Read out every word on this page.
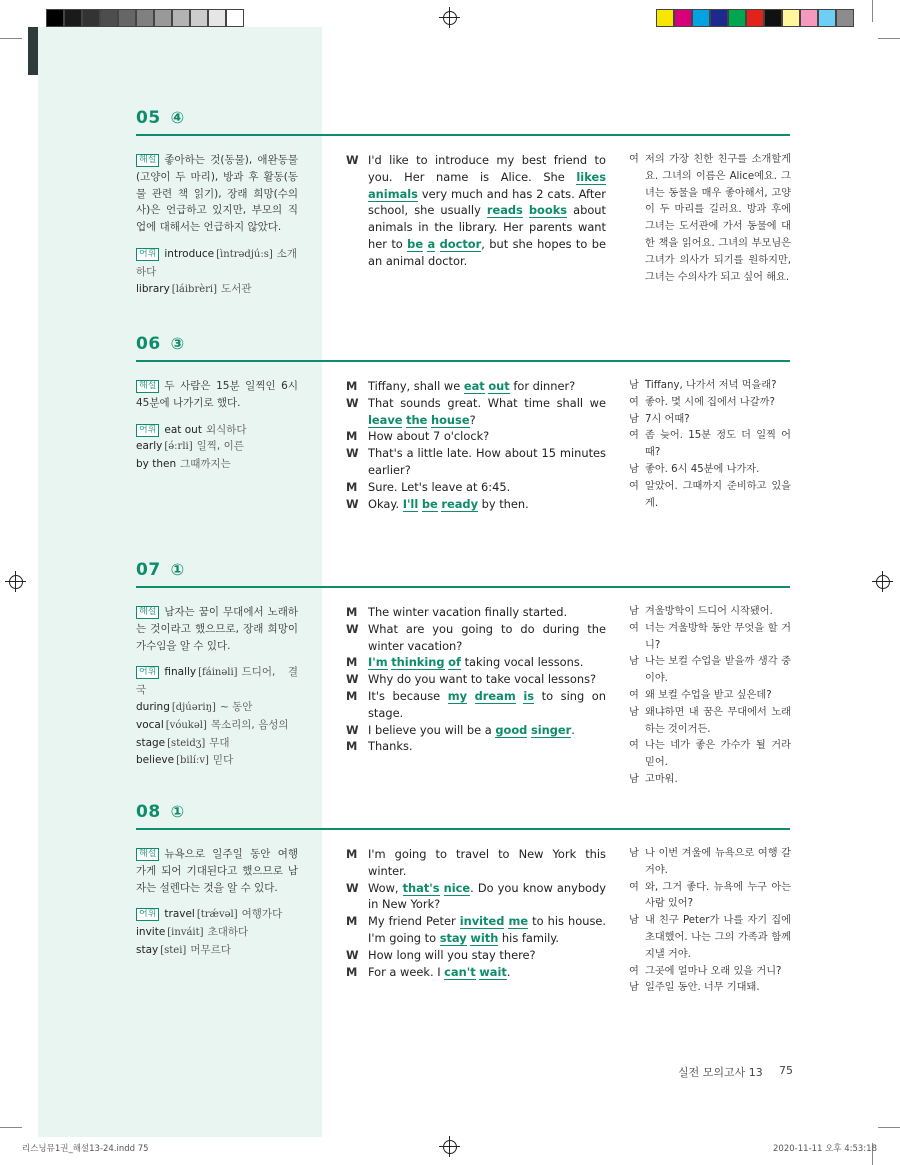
05 ④
해설 좋아하는 것(동물), 애완동물(고양이 두 마리), 방과 후 활동(동물 관련 책 읽기), 장래 희망(수의사)은 언급하고 있지만, 부모의 직업에 대해서는 언급하지 않았다.
어휘 introduce [ìntrədjúːs] 소개하다
library [láibrèri] 도서관
W I'd like to introduce my best friend to you. Her name is Alice. She likes animals very much and has 2 cats. After school, she usually reads books about animals in the library. Her parents want her to be a doctor, but she hopes to be an animal doctor.
여 저의 가장 친한 친구를 소개할게요. 그녀의 이름은 Alice예요. 그녀는 동물을 매우 좋아해서, 고양이 두 마리를 길러요. 방과 후에 그녀는 도서관에 가서 동물에 대한 책을 읽어요. 그녀의 부모님은 그녀가 의사가 되기를 원하지만, 그녀는 수의사가 되고 싶어 해요.
06 ③
해설 두 사람은 15분 일찍인 6시 45분에 나가기로 했다.
어휘 eat out 외식하다
early [ə́ːrli] 일찍, 이른
by then 그때까지는
M Tiffany, shall we eat out for dinner?
W That sounds great. What time shall we leave the house?
M How about 7 o'clock?
W That's a little late. How about 15 minutes earlier?
M Sure. Let's leave at 6:45.
W Okay. I'll be ready by then.
남 Tiffany, 나가서 저녁 먹을래?
여 좋아. 몇 시에 집에서 나갈까?
남 7시 어때?
여 좀 늦어. 15분 정도 더 일찍 어때?
남 좋아. 6시 45분에 나가자.
여 알았어. 그때까지 준비하고 있을게.
07 ①
해설 남자는 꿈이 무대에서 노래하는 것이라고 했으므로, 장래 희망이 가수임을 알 수 있다.
어휘 finally [fáinəli] 드디어, 결국
during [djúəriŋ] ~ 동안
vocal [vóukəl] 목소리의, 음성의
stage [steidʒ] 무대
believe [bilíːv] 믿다
M The winter vacation finally started.
W What are you going to do during the winter vacation?
M I'm thinking of taking vocal lessons.
W Why do you want to take vocal lessons?
M It's because my dream is to sing on stage.
W I believe you will be a good singer.
M Thanks.
남 겨울방학이 드디어 시작됐어.
여 너는 겨울방학 동안 무엇을 할 거니?
남 나는 보컬 수업을 받을까 생각 중이야.
여 왜 보컬 수업을 받고 싶은데?
남 왜냐하면 내 꿈은 무대에서 노래하는 것이거든.
여 나는 네가 좋은 가수가 될 거라 믿어.
남 고마워.
08 ①
해설 뉴욕으로 일주일 동안 여행 가게 되어 기대된다고 했으므로 남자는 설렌다는 것을 알 수 있다.
어휘 travel [trǽvəl] 여행가다
invite [inváit] 초대하다
stay [stei] 머무르다
M I'm going to travel to New York this winter.
W Wow, that's nice. Do you know anybody in New York?
M My friend Peter invited me to his house. I'm going to stay with his family.
W How long will you stay there?
M For a week. I can't wait.
남 나 이번 겨울에 뉴욕으로 여행 갈 거야.
여 와, 그거 좋다. 뉴욕에 누구 아는 사람 있어?
남 내 친구 Peter가 나를 자기 집에 초대했어. 나는 그의 가족과 함께 지낼 거야.
여 그곳에 얼마나 오래 있을 거니?
남 일주일 동안. 너무 기대돼.
실전 모의고사 13 75
리스닝뮤1권_해설13-24.indd 75	2020-11-11 오후 4:53:18
